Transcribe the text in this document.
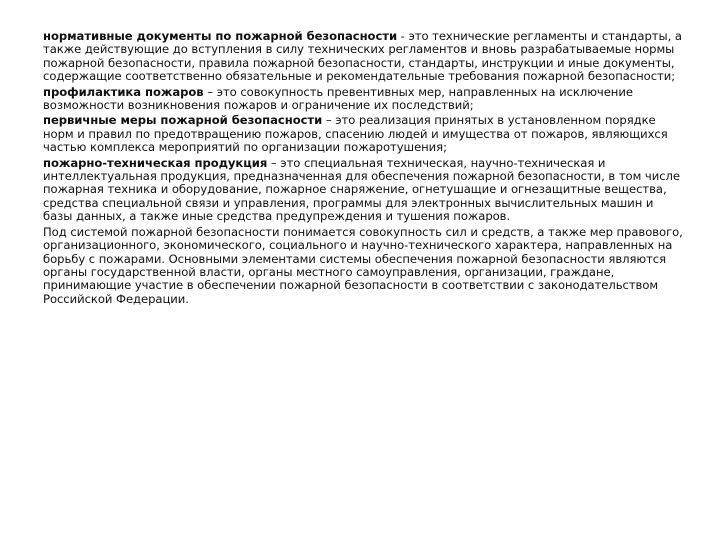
нормативные документы по пожарной безопасности - это технические регламенты и стандарты, а также действующие до вступления в силу технических регламентов и вновь разрабатываемые нормы пожарной безопасности, правила пожарной безопасности, стандарты, инструкции и иные документы, содержащие соответственно обязательные и рекомендательные требования пожарной безопасности;

профилактика пожаров – это совокупность превентивных мер, направленных на исключение возможности возникновения пожаров и ограничение их последствий;

первичные меры пожарной безопасности – это реализация принятых в установленном порядке норм и правил по предотвращению пожаров, спасению людей и имущества от пожаров, являющихся частью комплекса мероприятий по организации пожаротушения;

пожарно-техническая продукция – это специальная техническая, научно-техническая и интеллектуальная продукция, предназначенная для обеспечения пожарной безопасности, в том числе пожарная техника и оборудование, пожарное снаряжение, огнетушащие и огнезащитные вещества, средства специальной связи и управления, программы для электронных вычислительных машин и базы данных, а также иные средства предупреждения и тушения пожаров.

Под системой пожарной безопасности понимается совокупность сил и средств, а также мер правового, организационного, экономического, социального и научно-технического характера, направленных на борьбу с пожарами. Основными элементами системы обеспечения пожарной безопасности являются органы государственной власти, органы местного самоуправления, организации, граждане, принимающие участие в обеспечении пожарной безопасности в соответствии с законодательством Российской Федерации.
